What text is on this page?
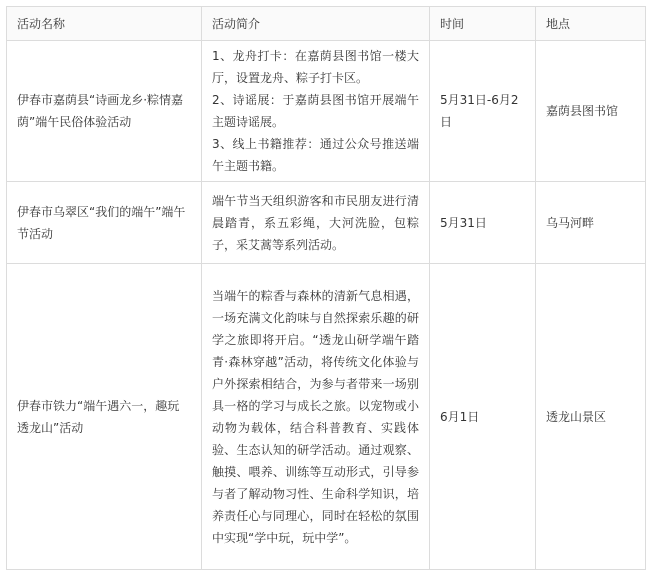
活动名称	活动简介	时间	地点
伊春市嘉荫县“诗画龙乡·粽情嘉荫”端午民俗体验活动	1、龙舟打卡：在嘉荫县图书馆一楼大厅，设置龙舟、粽子打卡区。
2、诗谣展：于嘉荫县图书馆开展端午主题诗谣展。
3、线上书籍推荐：通过公众号推送端午主题书籍。	5月31日-6月2日	嘉荫县图书馆
伊春市乌翠区“我们的端午”端午节活动	端午节当天组织游客和市民朋友进行清晨踏青，系五彩绳，大河洗脸，包粽子，采艾蒿等系列活动。	5月31日	乌马河畔
伊春市铁力“端午遇六一，趣玩透龙山”活动	当端午的粽香与森林的清新气息相遇，一场充满文化韵味与自然探索乐趣的研学之旅即将开启。“透龙山研学端午踏青·森林穿越”活动，将传统文化体验与户外探索相结合，为参与者带来一场别具一格的学习与成长之旅。以宠物或小动物为载体，结合科普教育、实践体验、生态认知的研学活动。通过观察、触摸、喂养、训练等互动形式，引导参与者了解动物习性、生命科学知识，培养责任心与同理心，同时在轻松的氛围中实现“学中玩，玩中学”。	6月1日	透龙山景区
